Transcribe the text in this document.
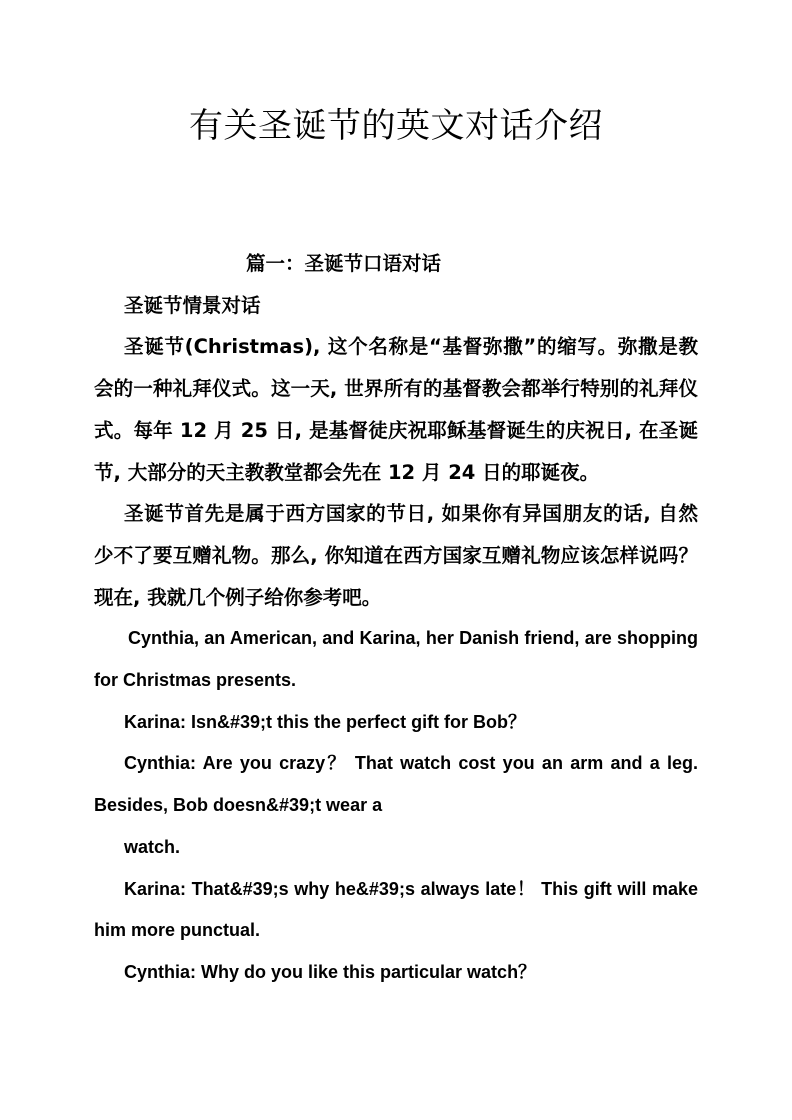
有关圣诞节的英文对话介绍

篇一：圣诞节口语对话

圣诞节情景对话

圣诞节(Christmas), 这个名称是“基督弥撒”的缩写。弥撒是教会的一种礼拜仪式。这一天, 世界所有的基督教会都举行特别的礼拜仪式。每年 12 月 25 日, 是基督徒庆祝耶稣基督诞生的庆祝日, 在圣诞节, 大部分的天主教教堂都会先在 12 月 24 日的耶诞夜。

圣诞节首先是属于西方国家的节日, 如果你有异国朋友的话, 自然少不了要互赠礼物。那么, 你知道在西方国家互赠礼物应该怎样说吗？现在, 我就几个例子给你参考吧。

Cynthia, an American, and Karina, her Danish friend, are shopping for Christmas presents.

Karina: Isn&#39;t this the perfect gift for Bob？

Cynthia: Are you crazy？ That watch cost you an arm and a leg. Besides, Bob doesn&#39;t wear a

watch.

Karina: That&#39;s why he&#39;s always late！ This gift will make him more punctual.

Cynthia: Why do you like this particular watch？
